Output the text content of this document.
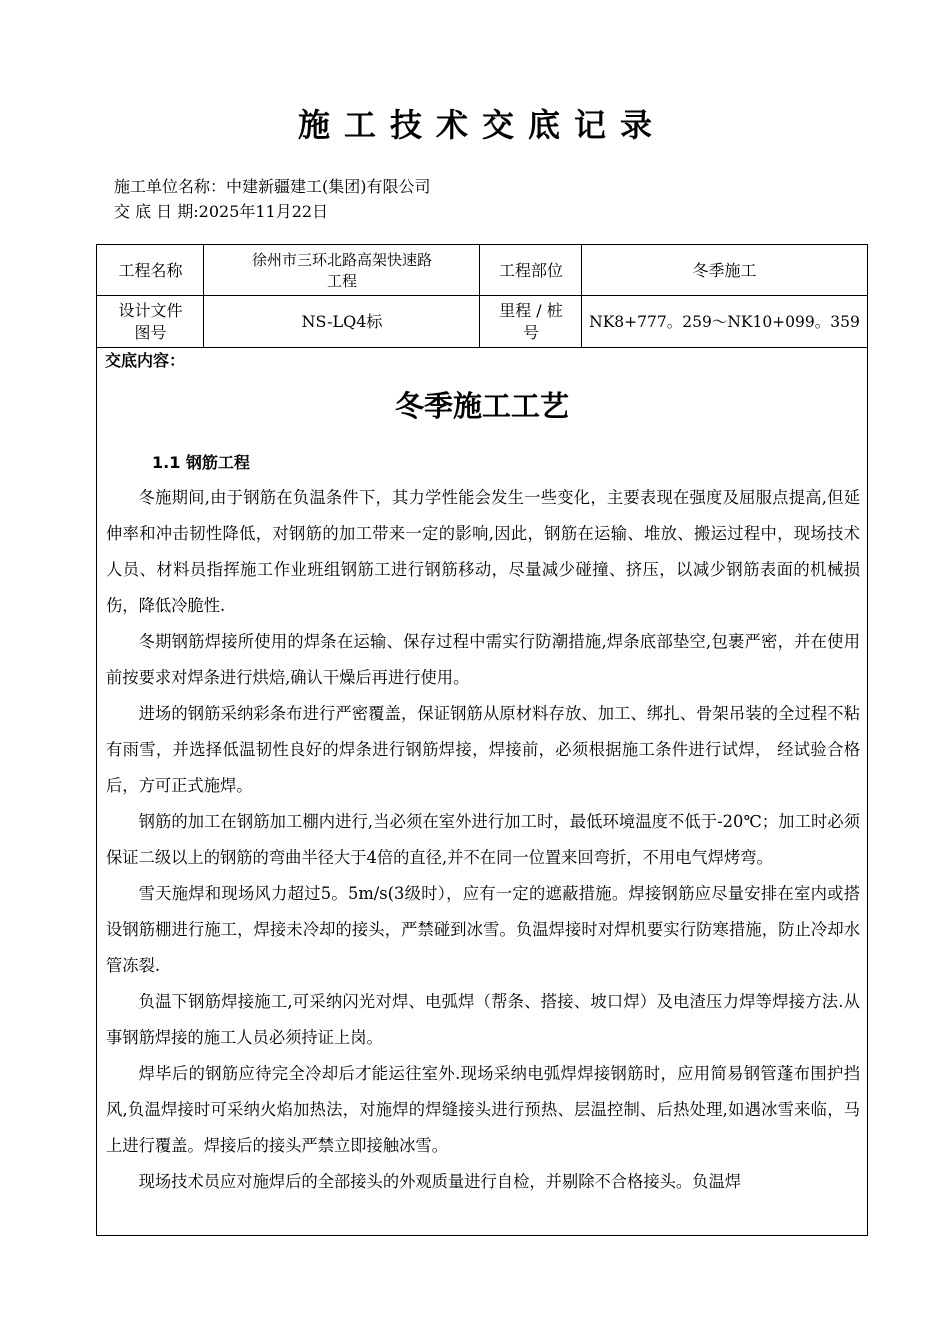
施工技术交底记录
施工单位名称：中建新疆建工(集团)有限公司
交 底 日 期:2025年11月22日
工程名称
徐州市三环北路高架快速路
工程
工程部位	冬季施工
设计文件
图号
NS-LQ4标
里程 / 桩
号
NK8+777。259～NK10+099。359
交底内容：
冬季施工工艺
1.1 钢筋工程

冬施期间,由于钢筋在负温条件下，其力学性能会发生一些变化，主要表现在强度及屈服点提高,但延伸率和冲击韧性降低，对钢筋的加工带来一定的影响,因此，钢筋在运输、堆放、搬运过程中，现场技术人员、材料员指挥施工作业班组钢筋工进行钢筋移动，尽量减少碰撞、挤压，以减少钢筋表面的机械损伤，降低冷脆性.

冬期钢筋焊接所使用的焊条在运输、保存过程中需实行防潮措施,焊条底部垫空,包裹严密，并在使用前按要求对焊条进行烘焙,确认干燥后再进行使用。

进场的钢筋采纳彩条布进行严密覆盖，保证钢筋从原材料存放、加工、绑扎、骨架吊装的全过程不粘有雨雪，并选择低温韧性良好的焊条进行钢筋焊接，焊接前，必须根据施工条件进行试焊， 经试验合格后，方可正式施焊。

钢筋的加工在钢筋加工棚内进行,当必须在室外进行加工时，最低环境温度不低于-20℃；加工时必须保证二级以上的钢筋的弯曲半径大于4倍的直径,并不在同一位置来回弯折，不用电气焊烤弯。

雪天施焊和现场风力超过5。5m/s(3级时），应有一定的遮蔽措施。焊接钢筋应尽量安排在室内或搭设钢筋棚进行施工，焊接未冷却的接头，严禁碰到冰雪。负温焊接时对焊机要实行防寒措施，防止冷却水管冻裂.

负温下钢筋焊接施工,可采纳闪光对焊、电弧焊（帮条、搭接、坡口焊）及电渣压力焊等焊接方法.从事钢筋焊接的施工人员必须持证上岗。

焊毕后的钢筋应待完全冷却后才能运往室外.现场采纳电弧焊焊接钢筋时，应用简易钢管蓬布围护挡风,负温焊接时可采纳火焰加热法，对施焊的焊缝接头进行预热、层温控制、后热处理,如遇冰雪来临，马上进行覆盖。焊接后的接头严禁立即接触冰雪。

现场技术员应对施焊后的全部接头的外观质量进行自检，并剔除不合格接头。负温焊
